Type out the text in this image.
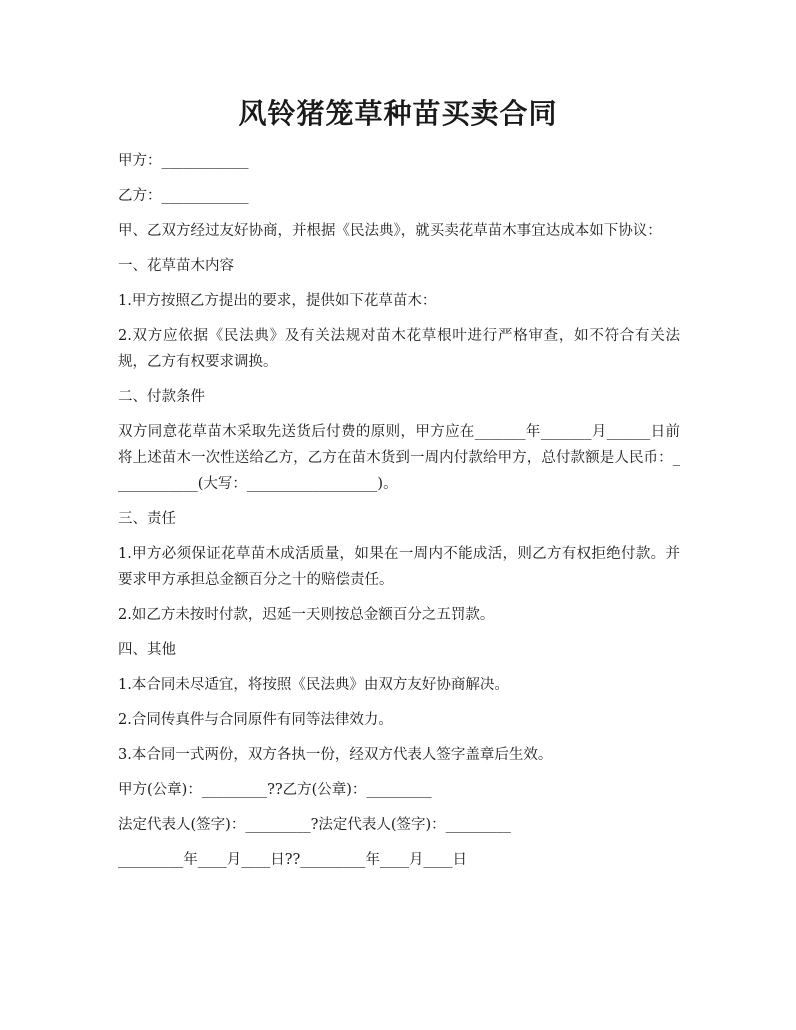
风铃猪笼草种苗买卖合同

甲方：____________

乙方：____________

甲、乙双方经过友好协商，并根据《民法典》，就买卖花草苗木事宜达成本如下协议：

一、花草苗木内容

1.甲方按照乙方提出的要求，提供如下花草苗木：

2.双方应依据《民法典》及有关法规对苗木花草根叶进行严格审查，如不符合有关法规，乙方有权要求调换。

二、付款条件

双方同意花草苗木采取先送货后付费的原则，甲方应在_______年_______月______日前将上述苗木一次性送给乙方，乙方在苗木货到一周内付款给甲方，总付款额是人民币：____________(大写：__________________)。

三、责任

1.甲方必须保证花草苗木成活质量，如果在一周内不能成活，则乙方有权拒绝付款。并要求甲方承担总金额百分之十的赔偿责任。

2.如乙方未按时付款，迟延一天则按总金额百分之五罚款。

四、其他

1.本合同未尽适宜，将按照《民法典》由双方友好协商解决。

2.合同传真件与合同原件有同等法律效力。

3.本合同一式两份，双方各执一份，经双方代表人签字盖章后生效。

甲方(公章)：_________??乙方(公章)：_________

法定代表人(签字)：_________?法定代表人(签字)：_________

_________年____月____日??_________年____月____日
